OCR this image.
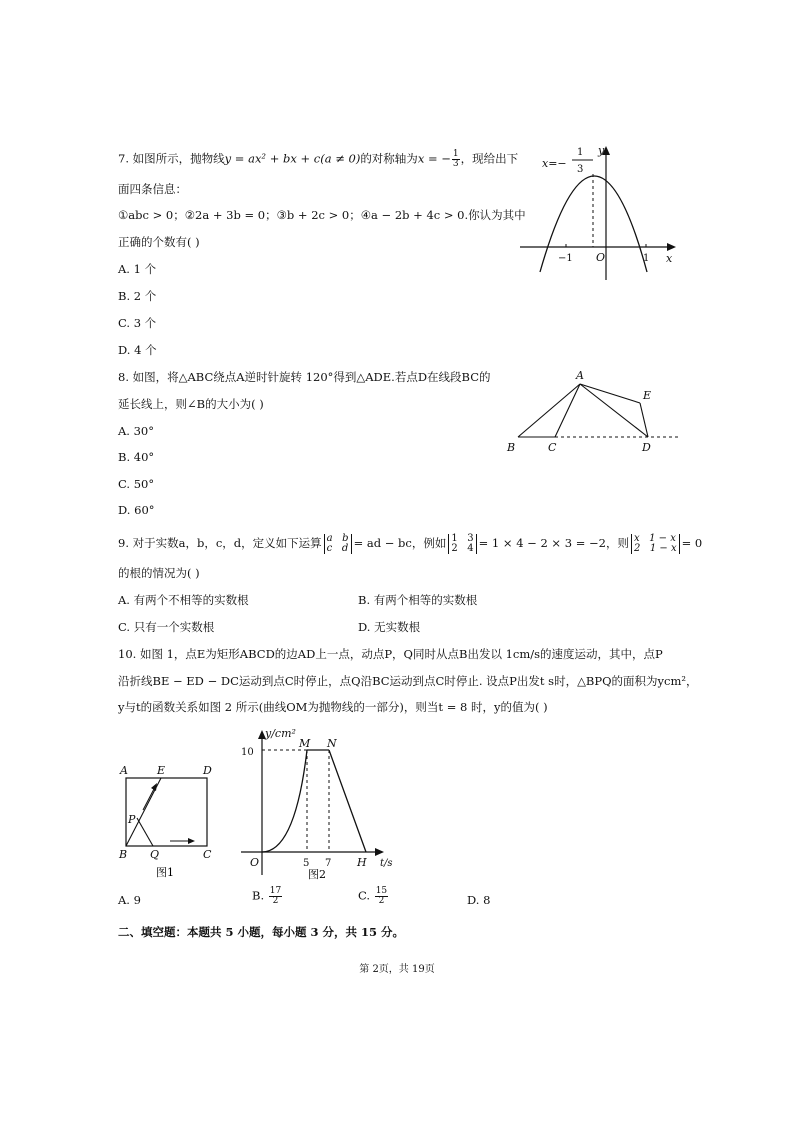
7. 如图所示，抛物线y = ax² + bx + c(a ≠ 0)的对称轴为x = − $\frac{1}{3}$ ，现给出下
面四条信息：
①abc > 0；②2a + 3b = 0；③b + 2c > 0；④a − 2b + 4c > 0.你认为其中
正确的个数有( )
A. 1 个
B. 2 个
C. 3 个
D. 4 个
x=−
1
3
y
x
O
−1	1
8. 如图，将△ABC绕点A逆时针旋转 120°得到△ADE.若点D在线段BC的
延长线上，则∠B的大小为( )
A. 30°
B. 40°
C. 50°
D. 60°
A
B	C	D
E
9. 对于实数a，b，c，d，定义如下运算 a b
c d = ad − bc，例如 1 3
2 4 = 1 × 4 − 2 × 3 = −2，则 x 1 − x
2 1 − x = 0
的根的情况为( )
A. 有两个不相等的实数根	B. 有两个相等的实数根
C. 只有一个实数根	D. 无实数根
10. 如图 1，点E为矩形ABCD的边AD上一点，动点P，Q同时从点B出发以 1cm/s的速度运动，其中，点P
沿折线BE − ED − DC运动到点C时停止，点Q沿BC运动到点C时停止. 设点P出发t s时，△BPQ的面积为ycm²，
y与t的函数关系如图 2 所示(曲线OM为抛物线的一部分)，则当t = 8 时，y的值为( )
A	E	D
P
B Q	C
图1
y/cm²
10
M N
O	5 7 H t/s
图2
A. 9	B. $\frac{17}{2}$	C. $\frac{15}{2}$	D. 8
二、填空题：本题共 5 小题，每小题 3 分，共 15 分。
第 2页，共 19页
